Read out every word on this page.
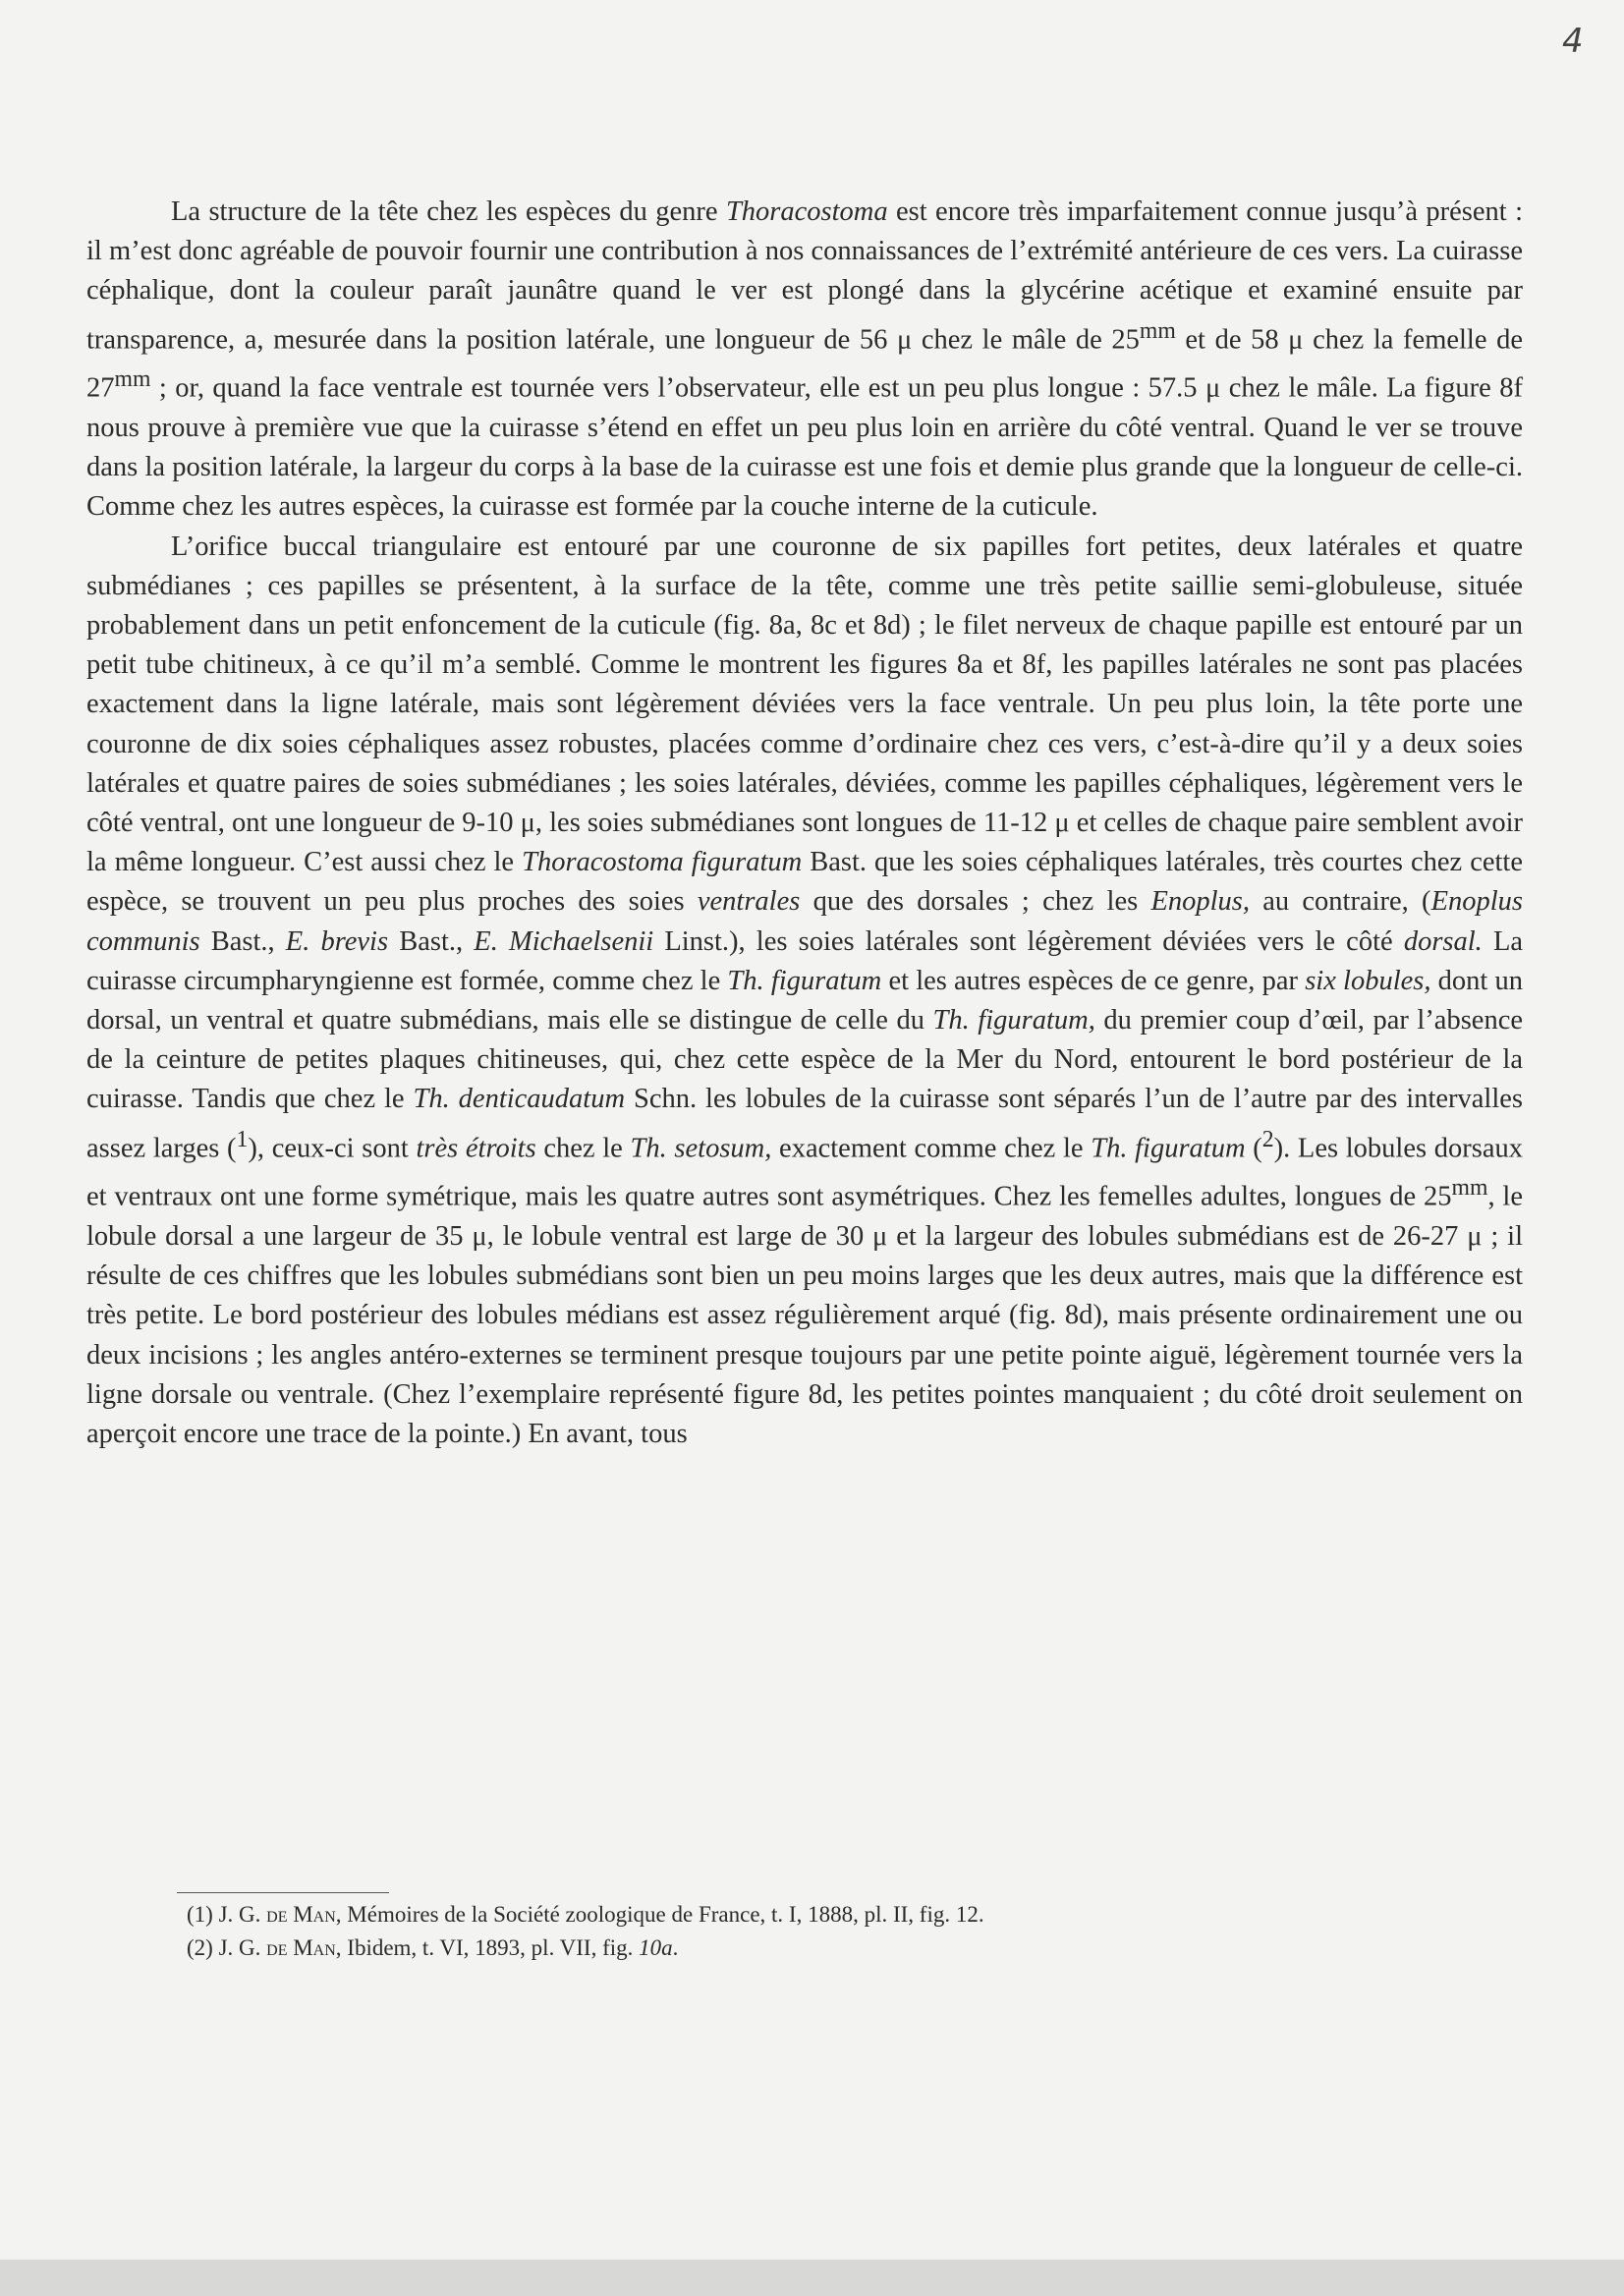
4

La structure de la tête chez les espèces du genre Thoracostoma est encore très imparfaitement connue jusqu’à présent : il m’est donc agréable de pouvoir fournir une contribution à nos connaissances de l’extrémité antérieure de ces vers. La cuirasse céphalique, dont la couleur paraît jaunâtre quand le ver est plongé dans la glycérine acétique et examiné ensuite par transparence, a, mesurée dans la position latérale, une longueur de 56 μ chez le mâle de $25^{mm}$ et de 58 μ chez la femelle de $27^{mm}$ ; or, quand la face ventrale est tournée vers l’observateur, elle est un peu plus longue : 57.5 μ chez le mâle. La figure 8f nous prouve à première vue que la cuirasse s’étend en effet un peu plus loin en arrière du côté ventral. Quand le ver se trouve dans la position latérale, la largeur du corps à la base de la cuirasse est une fois et demie plus grande que la longueur de celle-ci. Comme chez les autres espèces, la cuirasse est formée par la couche interne de la cuticule.

L’orifice buccal triangulaire est entouré par une couronne de six papilles fort petites, deux latérales et quatre submédianes ; ces papilles se présentent, à la surface de la tête, comme une très petite saillie semi-globuleuse, située probablement dans un petit enfoncement de la cuticule (fig. 8a, 8c et 8d) ; le filet nerveux de chaque papille est entouré par un petit tube chitineux, à ce qu’il m’a semblé. Comme le montrent les figures 8a et 8f, les papilles latérales ne sont pas placées exactement dans la ligne latérale, mais sont légèrement déviées vers la face ventrale. Un peu plus loin, la tête porte une couronne de dix soies céphaliques assez robustes, placées comme d’ordinaire chez ces vers, c’est-à-dire qu’il y a deux soies latérales et quatre paires de soies submédianes ; les soies latérales, déviées, comme les papilles céphaliques, légèrement vers le côté ventral, ont une longueur de 9-10 μ, les soies submédianes sont longues de 11-12 μ et celles de chaque paire semblent avoir la même longueur. C’est aussi chez le Thoracostoma figuratum Bast. que les soies céphaliques latérales, très courtes chez cette espèce, se trouvent un peu plus proches des soies ventrales que des dorsales ; chez les Enoplus, au contraire, (Enoplus communis Bast., E. brevis Bast., E. Michaelsenii Linst.), les soies latérales sont légèrement déviées vers le côté dorsal. La cuirasse circumpharyngienne est formée, comme chez le Th. figuratum et les autres espèces de ce genre, par six lobules, dont un dorsal, un ventral et quatre submédians, mais elle se distingue de celle du Th. figuratum, du premier coup d’œil, par l’absence de la ceinture de petites plaques chitineuses, qui, chez cette espèce de la Mer du Nord, entourent le bord postérieur de la cuirasse. Tandis que chez le Th. denticaudatum Schn. les lobules de la cuirasse sont séparés l’un de l’autre par des intervalles assez larges ($^1$), ceux-ci sont très étroits chez le Th. setosum, exactement comme chez le Th. figuratum ($^2$). Les lobules dorsaux et ventraux ont une forme symétrique, mais les quatre autres sont asymétriques. Chez les femelles adultes, longues de $25^{mm}$, le lobule dorsal a une largeur de 35 μ, le lobule ventral est large de 30 μ et la largeur des lobules submédians est de 26-27 μ ; il résulte de ces chiffres que les lobules submédians sont bien un peu moins larges que les deux autres, mais que la différence est très petite. Le bord postérieur des lobules médians est assez régulièrement arqué (fig. 8d), mais présente ordinairement une ou deux incisions ; les angles antéro-externes se terminent presque toujours par une petite pointe aiguë, légèrement tournée vers la ligne dorsale ou ventrale. (Chez l’exemplaire représenté figure 8d, les petites pointes manquaient ; du côté droit seulement on aperçoit encore une trace de la pointe.) En avant, tous

(1) J. G. de Man, Mémoires de la Société zoologique de France, t. I, 1888, pl. II, fig. 12.
(2) J. G. de Man, Ibidem, t. VI, 1893, pl. VII, fig. 10a.
